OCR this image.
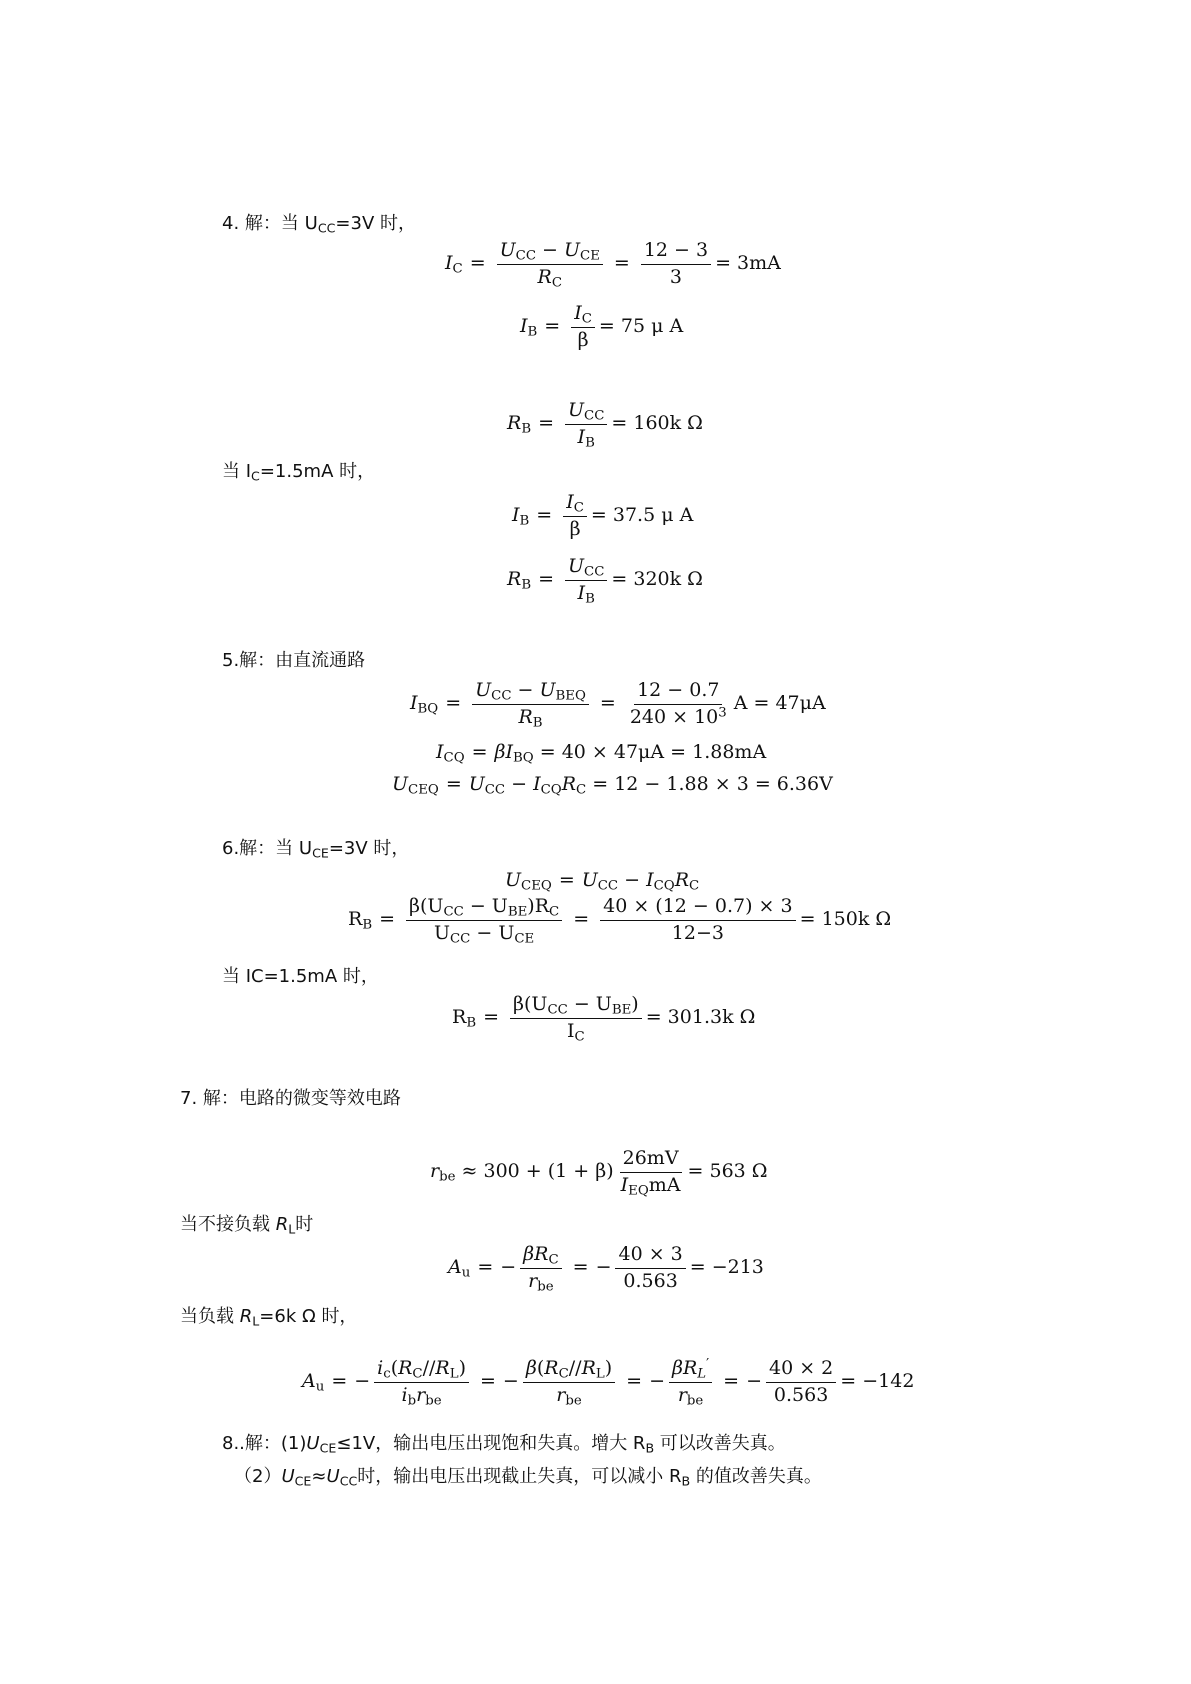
4. 解：当 $U_{CC}=3V$ 时，
$I_C = \frac{U_{CC} - U_{CE}}{R_C} = \frac{12 - 3}{3} = 3mA$
$I_B = \frac{I_C}{\beta} = 75$ μ A
$R_B = \frac{U_{CC}}{I_B} = 160k$ Ω
当 $I_C=1.5mA$ 时，
$I_B = \frac{I_C}{\beta} = 37.5$ μ A
$R_B = \frac{U_{CC}}{I_B} = 320k$ Ω
5.解：由直流通路
$I_{BQ} = \frac{U_{CC} - U_{BEQ}}{R_B} = \frac{12 - 0.7}{240 \times 10^3}$ A = 47μA
$I_{CQ} = \beta I_{BQ}$
= 40 × 47μA = 1.88mA
$U_{CEQ} = U_{CC} - I_{CQ}R_C$
= 12 − 1.88 × 3 = 6.36V
6.解：当 $U_{CE}=3V$ 时，
$U_{CEQ} = U_{CC} - I_{CQ}R_C$
$R_B = \frac{\beta(U_{CC} - U_{BE})R_C}{U_{CC} - U_{CE}} = \frac{40 \times (12 - 0.7) \times 3}{12-3} = 150k$ Ω
当 IC=1.5mA 时，
$R_B = \frac{\beta(U_{CC} - U_{BE})}{I_C} = 301.3k$ Ω
7. 解：电路的微变等效电路
$r_{be}$
≈ $300 + (1 + \beta) \frac{26mV}{I_{EQ}mA} = 563$ Ω
当不接负载 $R_L$时
$A_u$ = − $\frac{\beta R_C}{r_{be}}$ = − $\frac{40 \times 3}{0.563} = -213$
当负载 $R_L=6k$ Ω 时，
$A_u$ = − $\frac{i_c(R_C//R_L)}{i_br_{be}}$ = − $\frac{\beta(R_C//R_L)}{r_{be}}$ = − $\frac{\beta R_L'}{r_{be}}$ = − $\frac{40 \times 2}{0.563} = -142$
8..解：$(1)U_{CE}\le 1V$，输出电压出现饱和失真。增大 $R_B$ 可以改善失真。
$(2)U_{CE}\approx U_{CC}$时，输出电压出现截止失真，可以减小 $R_B$ 的值改善失真。
